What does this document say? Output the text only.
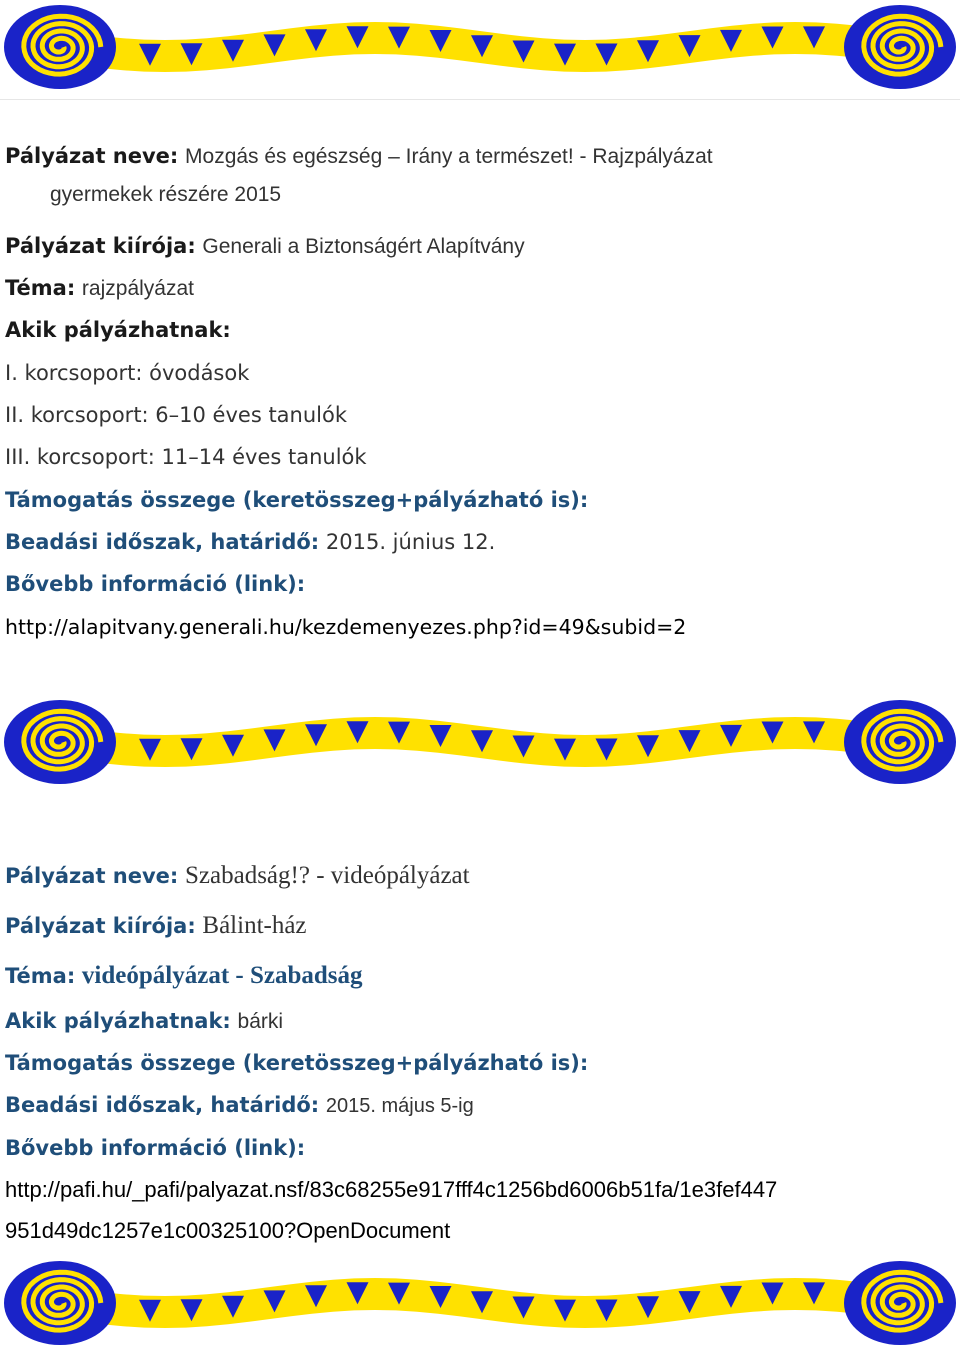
Pályázat neve: Mozgás és egészség – Irány a természet! - Rajzpályázat
gyermekek részére 2015
Pályázat kiírója: Generali a Biztonságért Alapítvány
Téma: rajzpályázat
Akik pályázhatnak:
I. korcsoport: óvodások
II. korcsoport: 6–10 éves tanulók
III. korcsoport: 11–14 éves tanulók
Támogatás összege (keretösszeg+pályázható is):
Beadási időszak, határidő: 2015. június 12.
Bővebb információ (link):
http://alapitvany.generali.hu/kezdemenyezes.php?id=49&subid=2
Pályázat neve: Szabadság!? - videópályázat
Pályázat kiírója: Bálint-ház
Téma: videópályázat - Szabadság
Akik pályázhatnak: bárki
Támogatás összege (keretösszeg+pályázható is):
Beadási időszak, határidő: 2015. május 5-ig
Bővebb információ (link):
http://pafi.hu/_pafi/palyazat.nsf/83c68255e917fff4c1256bd6006b51fa/1e3fef447
951d49dc1257e1c00325100?OpenDocument
